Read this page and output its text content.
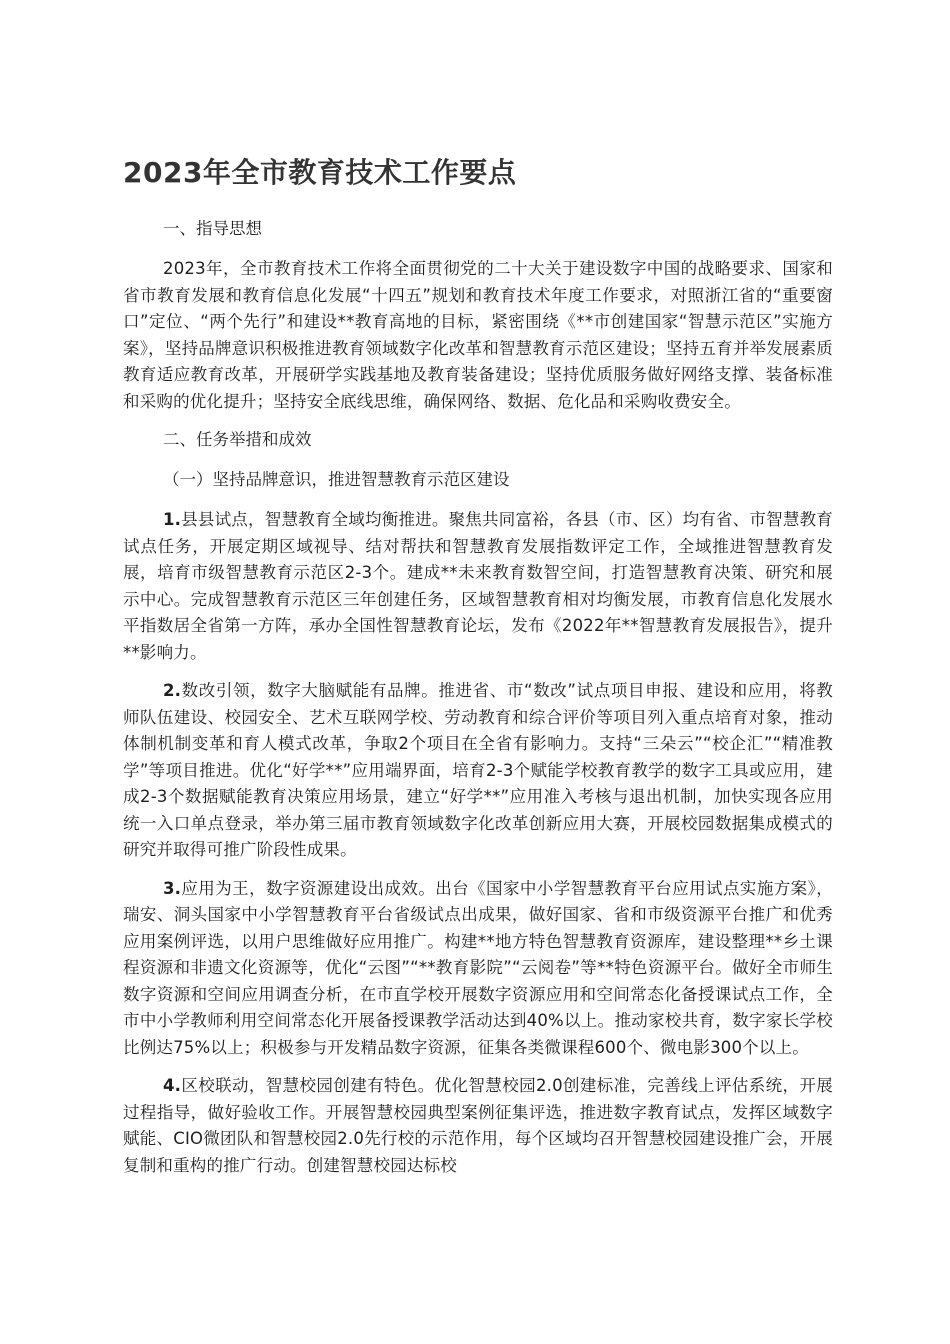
2023年全市教育技术工作要点

一、指导思想

2023年，全市教育技术工作将全面贯彻党的二十大关于建设数字中国的战略要求、国家和省市教育发展和教育信息化发展“十四五”规划和教育技术年度工作要求，对照浙江省的“重要窗口”定位、“两个先行”和建设**教育高地的目标，紧密围绕《**市创建国家“智慧示范区”实施方案》，坚持品牌意识积极推进教育领域数字化改革和智慧教育示范区建设；坚持五育并举发展素质教育适应教育改革，开展研学实践基地及教育装备建设；坚持优质服务做好网络支撑、装备标准和采购的优化提升；坚持安全底线思维，确保网络、数据、危化品和采购收费安全。

二、任务举措和成效

（一）坚持品牌意识，推进智慧教育示范区建设

1.县县试点，智慧教育全域均衡推进。聚焦共同富裕，各县（市、区）均有省、市智慧教育试点任务，开展定期区域视导、结对帮扶和智慧教育发展指数评定工作，全域推进智慧教育发展，培育市级智慧教育示范区2-3个。建成**未来教育数智空间，打造智慧教育决策、研究和展示中心。完成智慧教育示范区三年创建任务，区域智慧教育相对均衡发展，市教育信息化发展水平指数居全省第一方阵，承办全国性智慧教育论坛，发布《2022年**智慧教育发展报告》，提升**影响力。

2.数改引领，数字大脑赋能有品牌。推进省、市“数改”试点项目申报、建设和应用，将教师队伍建设、校园安全、艺术互联网学校、劳动教育和综合评价等项目列入重点培育对象，推动体制机制变革和育人模式改革，争取2个项目在全省有影响力。支持“三朵云”“校企汇”“精准教学”等项目推进。优化“好学**”应用端界面，培育2-3个赋能学校教育教学的数字工具或应用，建成2-3个数据赋能教育决策应用场景，建立“好学**”应用准入考核与退出机制，加快实现各应用统一入口单点登录，举办第三届市教育领域数字化改革创新应用大赛，开展校园数据集成模式的研究并取得可推广阶段性成果。

3.应用为王，数字资源建设出成效。出台《国家中小学智慧教育平台应用试点实施方案》，瑞安、洞头国家中小学智慧教育平台省级试点出成果，做好国家、省和市级资源平台推广和优秀应用案例评选，以用户思维做好应用推广。构建**地方特色智慧教育资源库，建设整理**乡土课程资源和非遗文化资源等，优化“云图”“**教育影院”“云阅卷”等**特色资源平台。做好全市师生数字资源和空间应用调查分析，在市直学校开展数字资源应用和空间常态化备授课试点工作，全市中小学教师利用空间常态化开展备授课教学活动达到40%以上。推动家校共育，数字家长学校比例达75%以上；积极参与开发精品数字资源，征集各类微课程600个、微电影300个以上。

4.区校联动，智慧校园创建有特色。优化智慧校园2.0创建标准，完善线上评估系统，开展过程指导，做好验收工作。开展智慧校园典型案例征集评选，推进数字教育试点，发挥区域数字赋能、CIO微团队和智慧校园2.0先行校的示范作用，每个区域均召开智慧校园建设推广会，开展复制和重构的推广行动。创建智慧校园达标校
